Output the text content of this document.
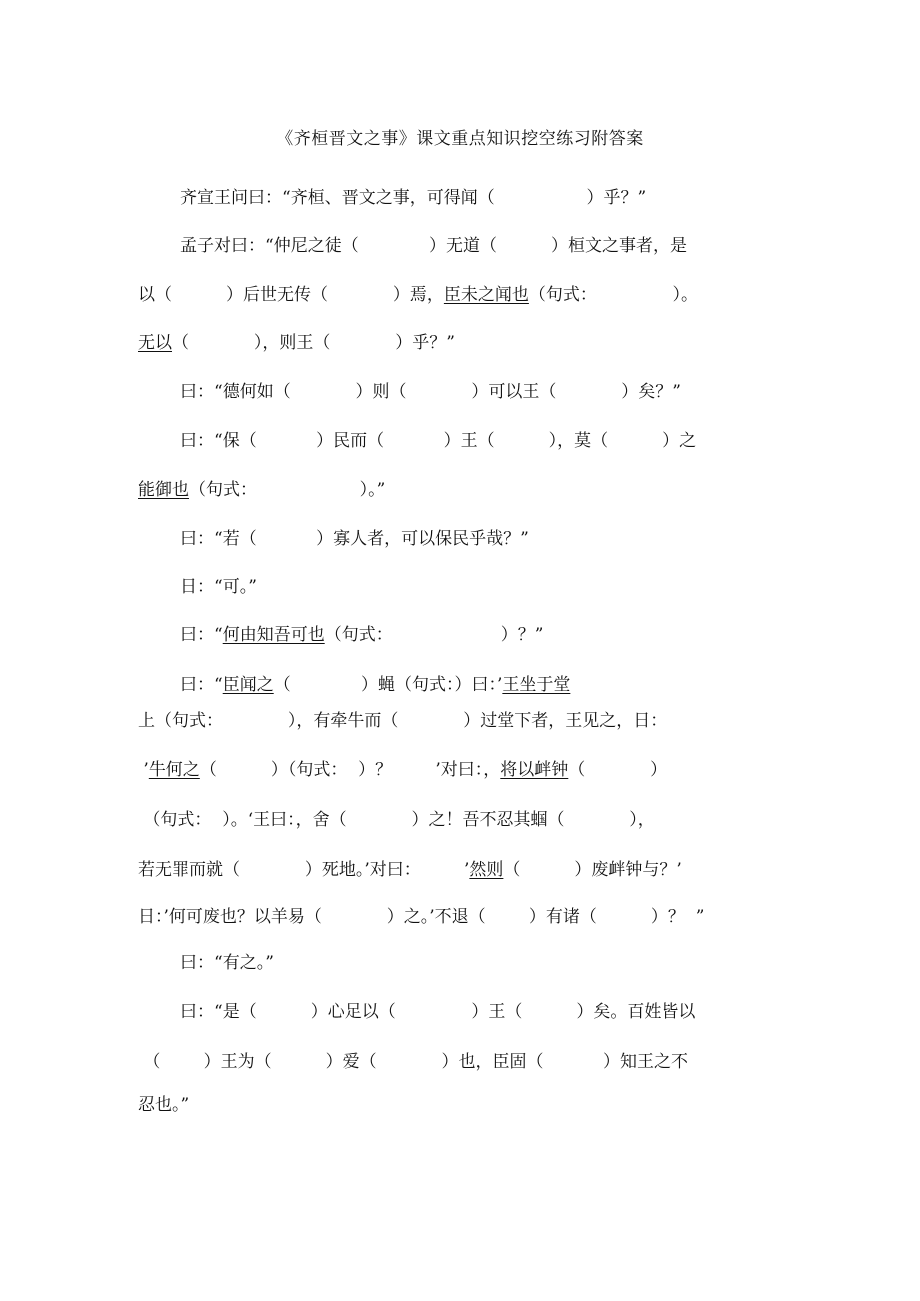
《齐桓晋文之事》课文重点知识挖空练习附答案
齐宣王问曰：“齐桓、晋文之事，可得闻（                 ）乎？”
孟子对曰：“仲尼之徒（             ）无道（          ）桓文之事者，是
以（          ）后世无传（            ）焉，臣未之闻也（句式：              ）。
无以（            ），则王（            ）乎？”
曰：“德何如（            ）则（            ）可以王（            ）矣？”
曰：“保（           ）民而（           ）王（          ），莫（          ）之
能御也（句式：                   ）。”
曰：“若（           ）寡人者，可以保民乎哉？”
日：“可。”
曰：“何由知吾可也（句式：                    ）？”
曰：“臣闻之（             ）蝇（句式：）曰：’王坐于堂
上（句式：            ），有牵牛而（            ）过堂下者，王见之，日：
’牛何之（          ）（句式：  ）？        ’对曰：，将以衅钟（            ）
（句式：  ）。‘王曰：，舍（            ）之！吾不忍其蝈（            ），
若无罪而就（            ）死地。’对曰：        ’然则（          ）废衅钟与？’
日：’何可废也？以羊易（            ）之。’不退（        ）有诸（          ）？  ”
曰：“有之。”
曰：“是（          ）心足以（              ）王（          ）矣。百姓皆以
（        ）王为（          ）爱（            ）也，臣固（           ）知王之不
忍也。”
